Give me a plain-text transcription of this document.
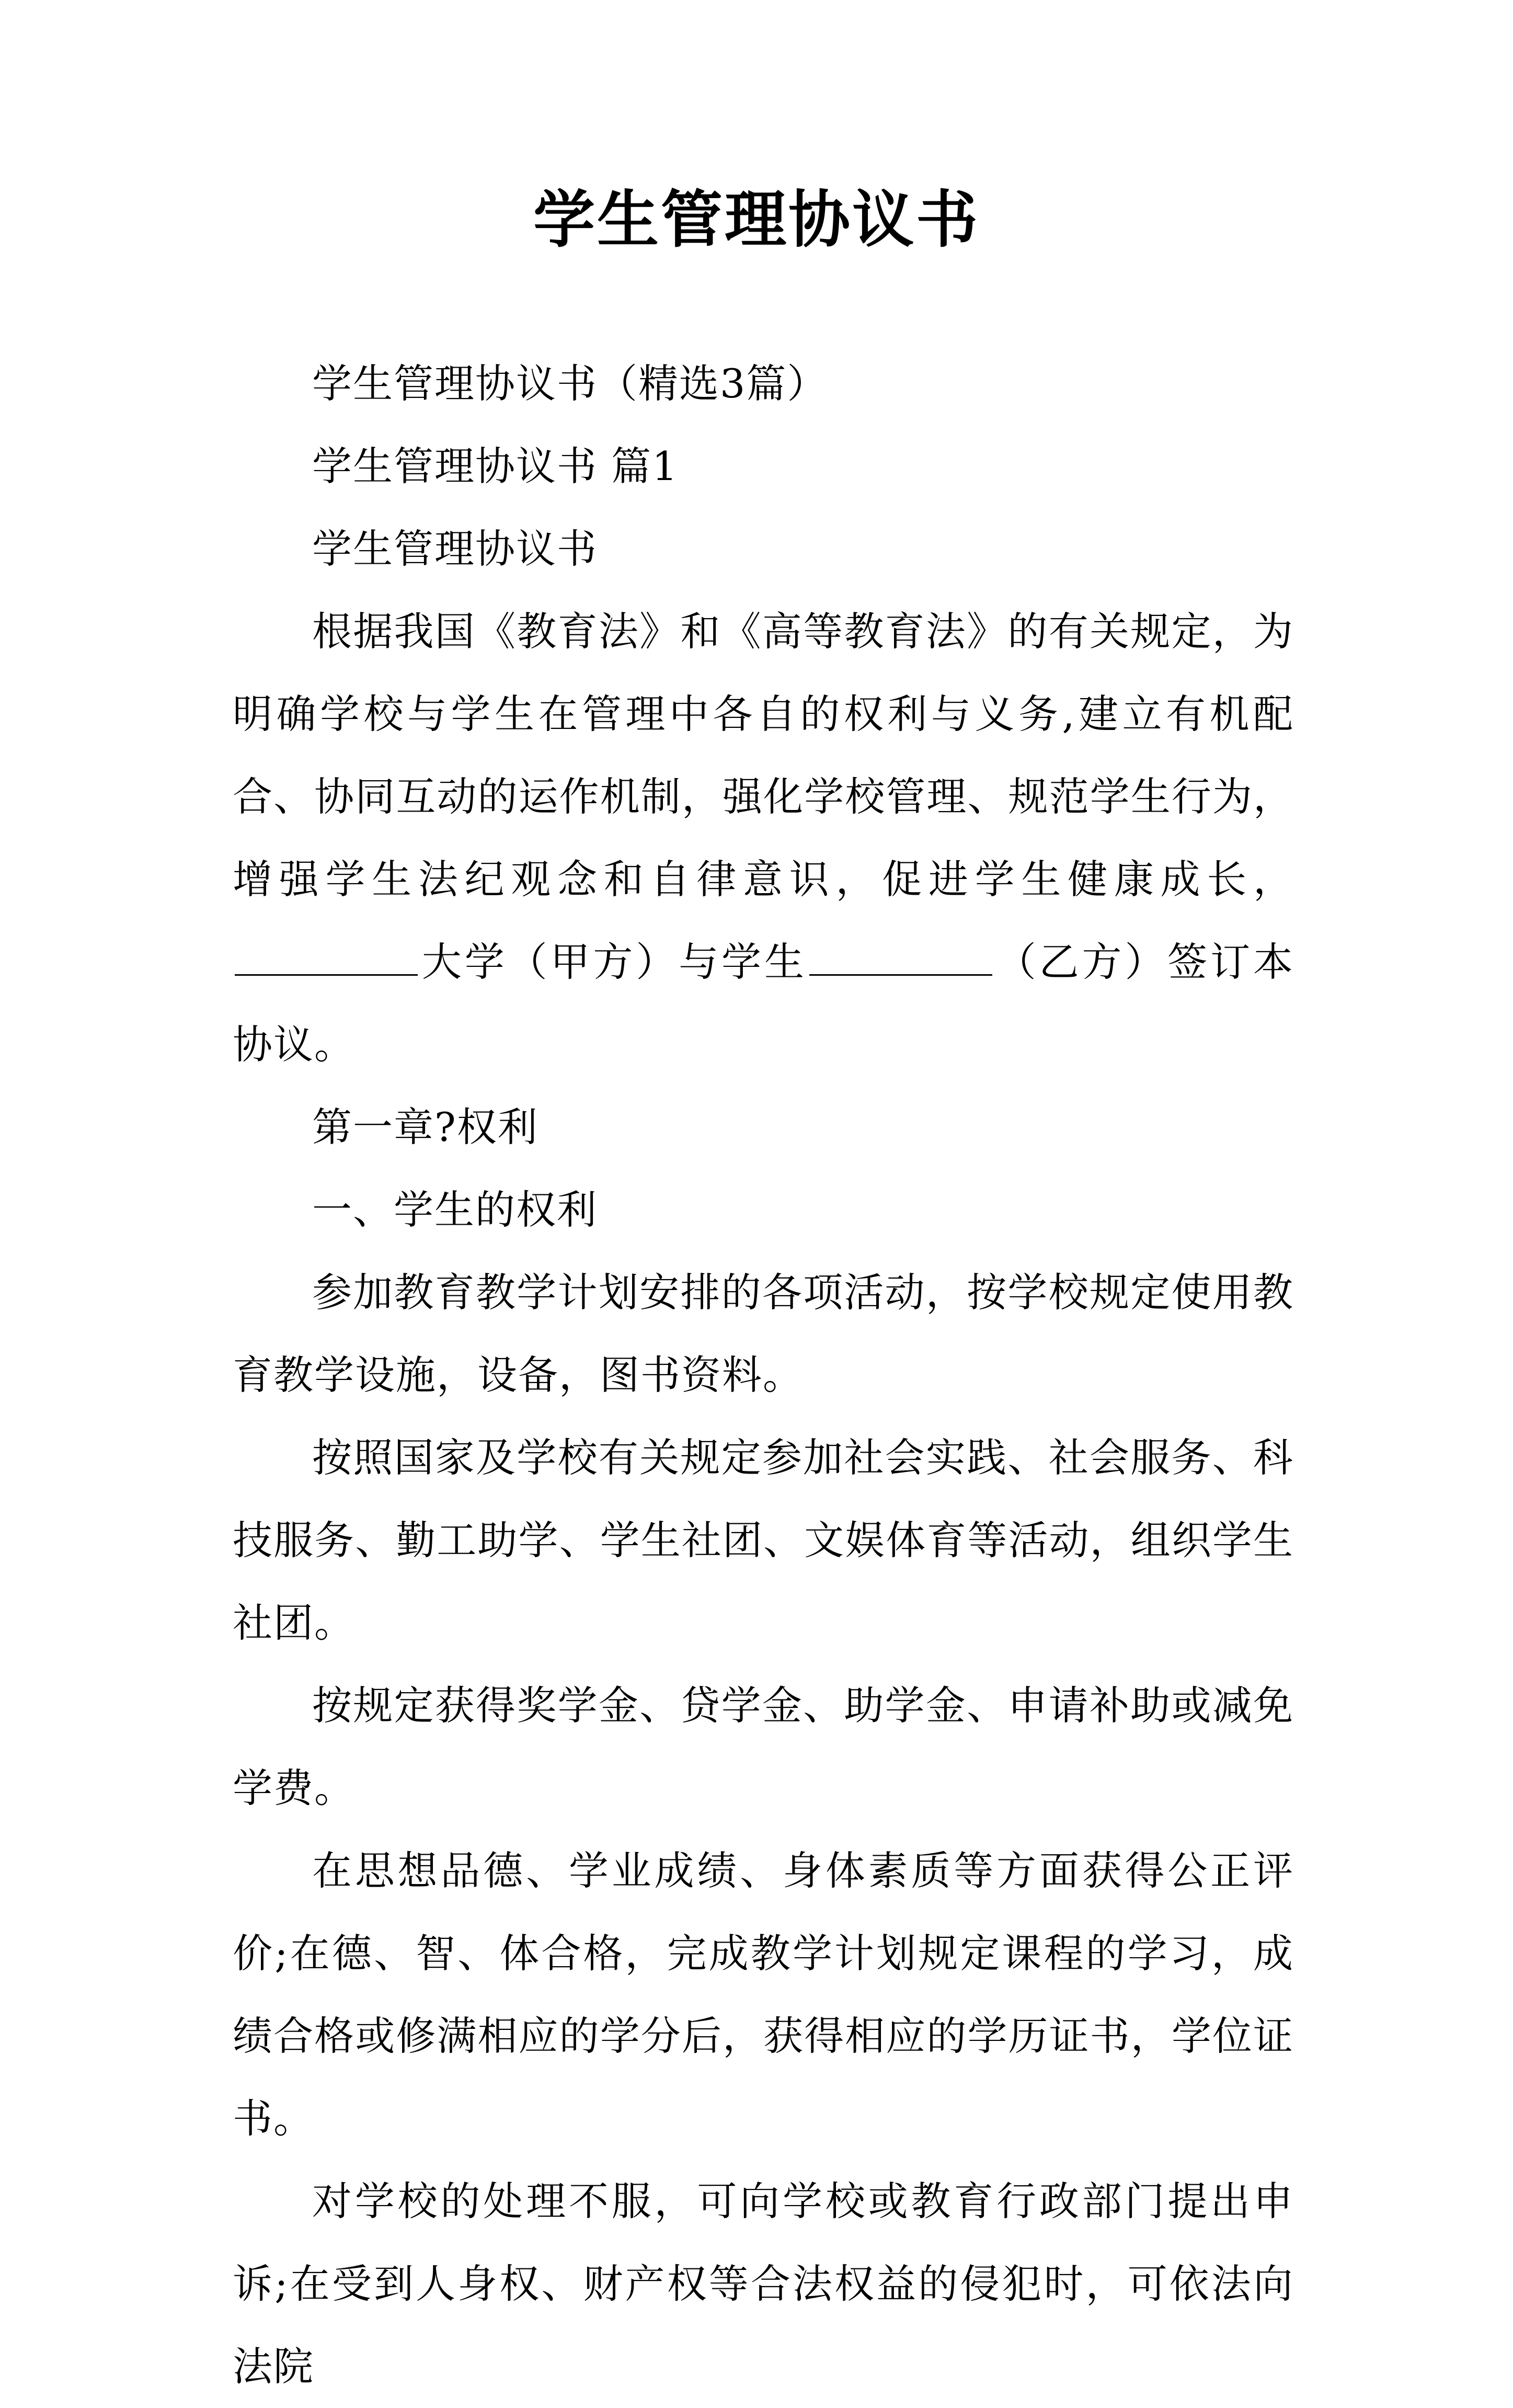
学生管理协议书

学生管理协议书（精选3篇）

学生管理协议书 篇1

学生管理协议书

根据我国《教育法》和《高等教育法》的有关规定，为明确学校与学生在管理中各自的权利与义务,建立有机配合、协同互动的运作机制，强化学校管理、规范学生行为，增强学生法纪观念和自律意识，促进学生健康成长，大学（甲方）与学生	（乙方）签订本协议。

第一章?权利

一、学生的权利

参加教育教学计划安排的各项活动，按学校规定使用教育教学设施，设备，图书资料。

按照国家及学校有关规定参加社会实践、社会服务、科技服务、勤工助学、学生社团、文娱体育等活动，组织学生社团。

按规定获得奖学金、贷学金、助学金、申请补助或减免学费。

在思想品德、学业成绩、身体素质等方面获得公正评价;在德、智、体合格，完成教学计划规定课程的学习，成绩合格或修满相应的学分后，获得相应的学历证书，学位证书。

对学校的处理不服，可向学校或教育行政部门提出申诉;在受到人身权、财产权等合法权益的侵犯时，可依法向法院
